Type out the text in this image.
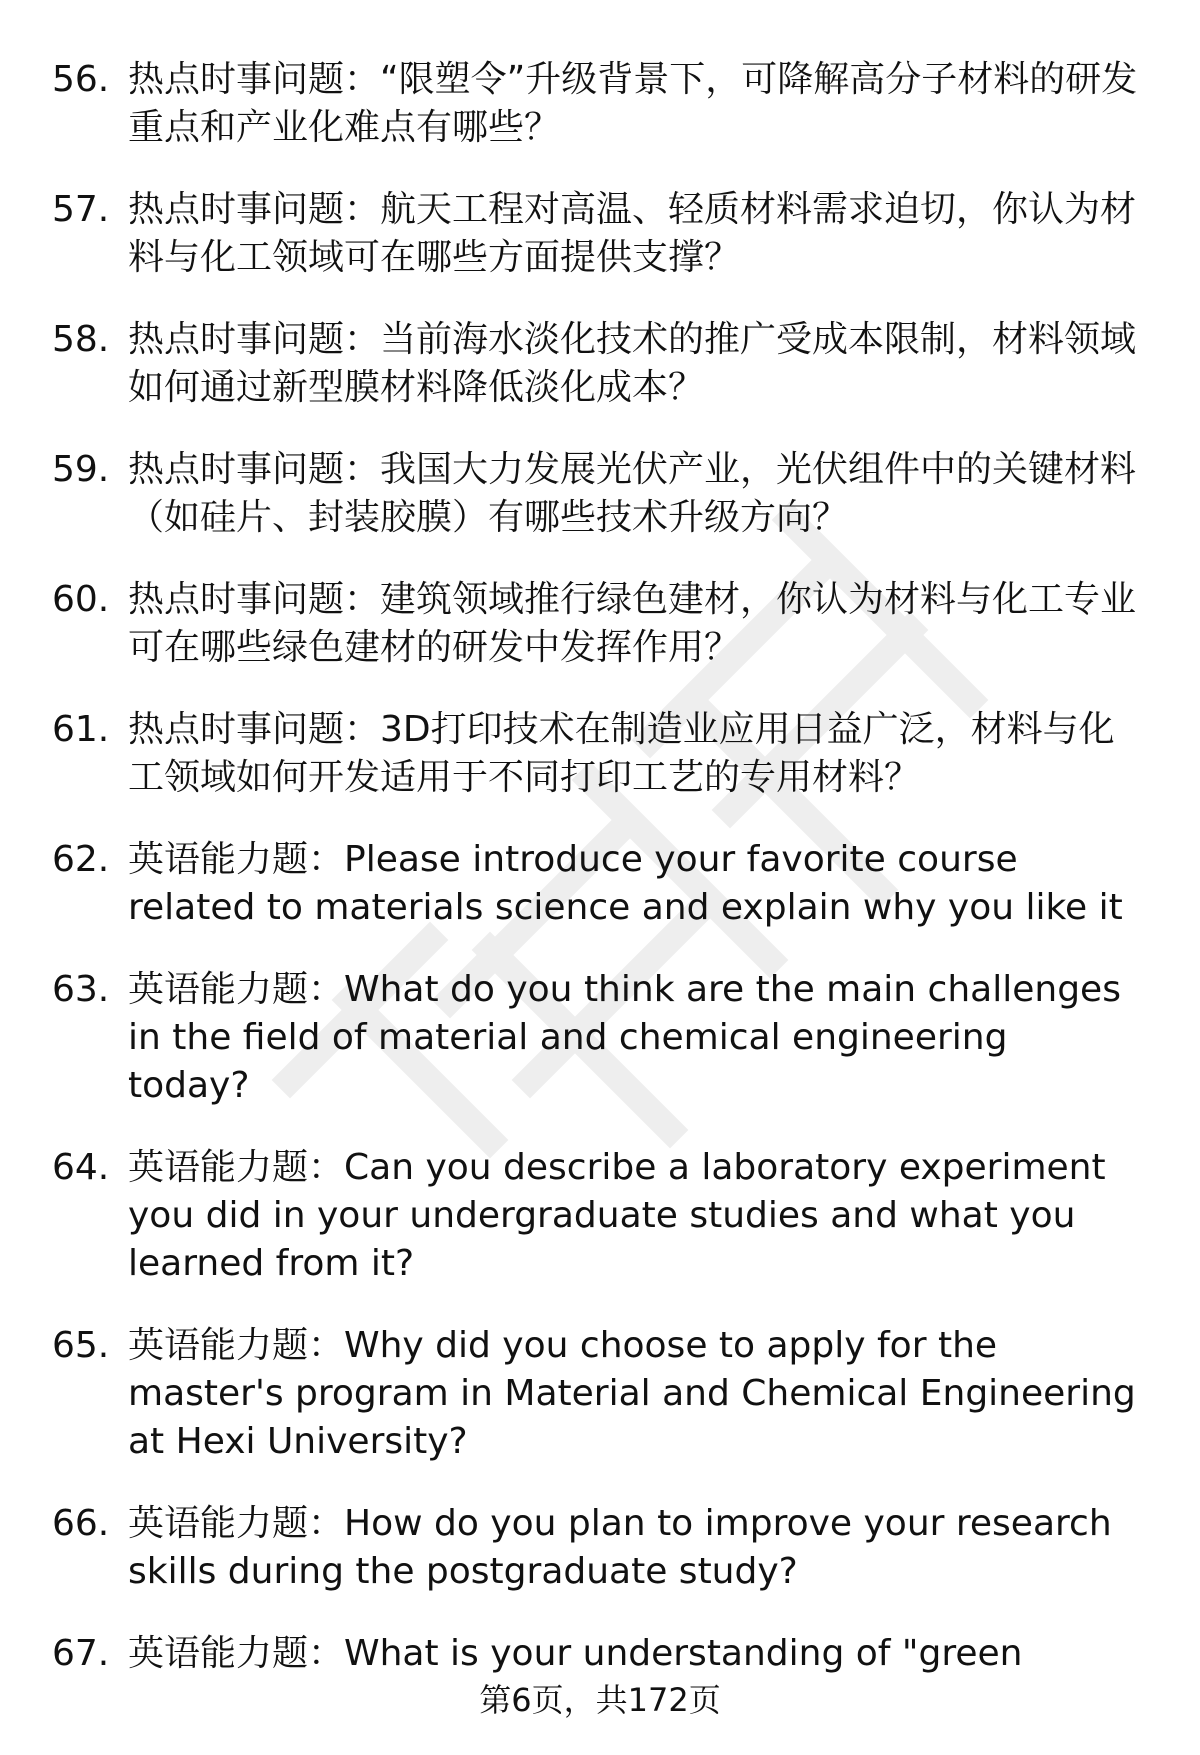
56. 热点时事问题：“限塑令”升级背景下，可降解高分子材料的研发重点和产业化难点有哪些？
57. 热点时事问题：航天工程对高温、轻质材料需求迫切，你认为材料与化工领域可在哪些方面提供支撑？
58. 热点时事问题：当前海水淡化技术的推广受成本限制，材料领域如何通过新型膜材料降低淡化成本？
59. 热点时事问题：我国大力发展光伏产业，光伏组件中的关键材料（如硅片、封装胶膜）有哪些技术升级方向？
60. 热点时事问题：建筑领域推行绿色建材，你认为材料与化工专业可在哪些绿色建材的研发中发挥作用？
61. 热点时事问题：3D打印技术在制造业应用日益广泛，材料与化工领域如何开发适用于不同打印工艺的专用材料？
62. 英语能力题：Please introduce your favorite course related to materials science and explain why you like it
63. 英语能力题：What do you think are the main challenges in the field of material and chemical engineering today?
64. 英语能力题：Can you describe a laboratory experiment you did in your undergraduate studies and what you learned from it?
65. 英语能力题：Why did you choose to apply for the master's program in Material and Chemical Engineering at Hexi University?
66. 英语能力题：How do you plan to improve your research skills during the postgraduate study?
67. 英语能力题：What is your understanding of "green
第6页，共172页
